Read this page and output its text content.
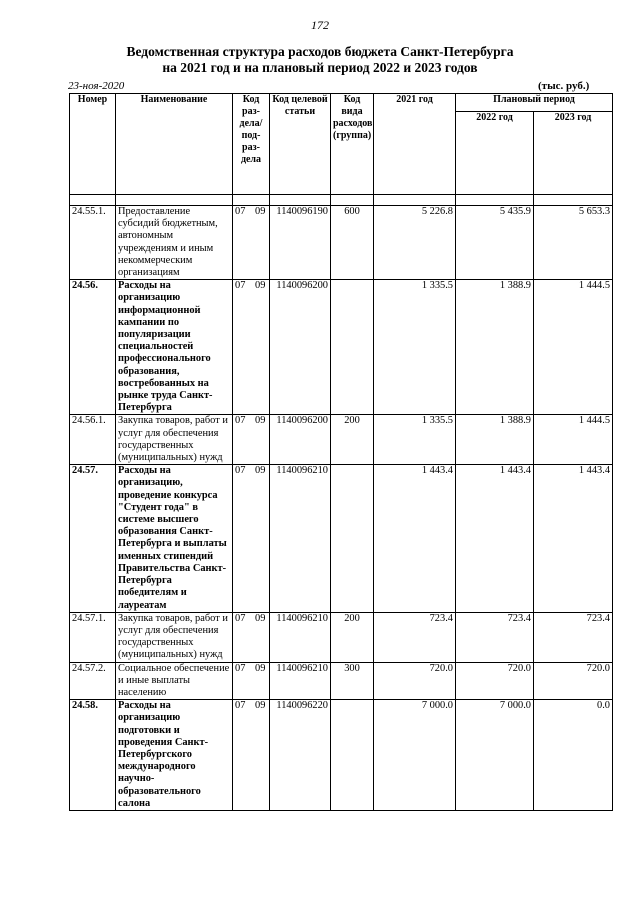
172
Ведомственная структура расходов бюджета Санкт-Петербурга
на 2021 год и на плановый период 2022 и 2023 годов
23-ноя-2020	(тыс. руб.)
Номер	Наименование	Код раз-дела/ под-раз-дела	Код целевой статьи	Код вида расходов (группа)	2021 год	Плановый период	
						2022 год	2023 год

24.55.1.	Предоставление субсидий бюджетным, автономным учреждениям и иным некоммерческим организациям	07 09	1140096190	600	5 226.8	5 435.9	5 653.3
24.56.	Расходы на организацию информационной кампании по популяризации специальностей профессионального образования, востребованных на рынке труда Санкт-Петербурга	07 09	1140096200		1 335.5	1 388.9	1 444.5
24.56.1.	Закупка товаров, работ и услуг для обеспечения государственных (муниципальных) нужд	07 09	1140096200	200	1 335.5	1 388.9	1 444.5
24.57.	Расходы на организацию, проведение конкурса "Студент года" в системе высшего образования Санкт-Петербурга и выплаты именных стипендий Правительства Санкт-Петербурга победителям и лауреатам	07 09	1140096210		1 443.4	1 443.4	1 443.4
24.57.1.	Закупка товаров, работ и услуг для обеспечения государственных (муниципальных) нужд	07 09	1140096210	200	723.4	723.4	723.4
24.57.2.	Социальное обеспечение и иные выплаты населению	07 09	1140096210	300	720.0	720.0	720.0
24.58.	Расходы на организацию подготовки и проведения Санкт-Петербургского международного научно-образовательного салона	07 09	1140096220		7 000.0	7 000.0	0.0
